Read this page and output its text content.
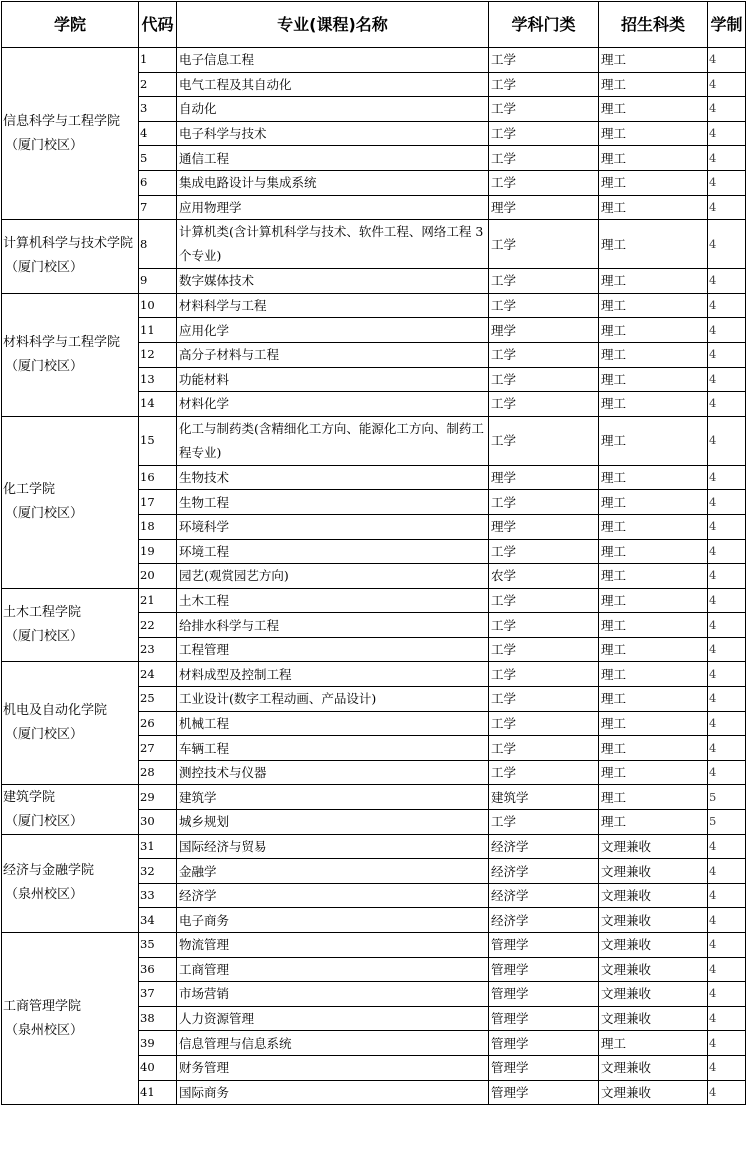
学院	代码	专业(课程)名称	学科门类	招生科类	学制

信息科学与工程学院
（厦门校区）	1	电子信息工程	工学	理工	4
	2	电气工程及其自动化	工学	理工	4
	3	自动化	工学	理工	4
	4	电子科学与技术	工学	理工	4
	5	通信工程	工学	理工	4
	6	集成电路设计与集成系统	工学	理工	4
	7	应用物理学	理学	理工	4

计算机科学与技术学院
（厦门校区）	8	计算机类(含计算机科学与技术、软件工程、网络工程 3 个专业)	工学	理工	4
	9	数字媒体技术	工学	理工	4

材料科学与工程学院
（厦门校区）	10	材料科学与工程	工学	理工	4
	11	应用化学	理学	理工	4
	12	高分子材料与工程	工学	理工	4
	13	功能材料	工学	理工	4
	14	材料化学	工学	理工	4

化工学院
（厦门校区）	15	化工与制药类(含精细化工方向、能源化工方向、制药工程专业)	工学	理工	4
	16	生物技术	理学	理工	4
	17	生物工程	工学	理工	4
	18	环境科学	理学	理工	4
	19	环境工程	工学	理工	4
	20	园艺(观赏园艺方向)	农学	理工	4

土木工程学院
（厦门校区）	21	土木工程	工学	理工	4
	22	给排水科学与工程	工学	理工	4
	23	工程管理	工学	理工	4

机电及自动化学院
（厦门校区）	24	材料成型及控制工程	工学	理工	4
	25	工业设计(数字工程动画、产品设计)	工学	理工	4
	26	机械工程	工学	理工	4
	27	车辆工程	工学	理工	4
	28	测控技术与仪器	工学	理工	4

建筑学院
（厦门校区）	29	建筑学	建筑学	理工	5
	30	城乡规划	工学	理工	5

经济与金融学院
（泉州校区）	31	国际经济与贸易	经济学	文理兼收	4
	32	金融学	经济学	文理兼收	4
	33	经济学	经济学	文理兼收	4
	34	电子商务	经济学	文理兼收	4

工商管理学院
（泉州校区）	35	物流管理	管理学	文理兼收	4
	36	工商管理	管理学	文理兼收	4
	37	市场营销	管理学	文理兼收	4
	38	人力资源管理	管理学	文理兼收	4
	39	信息管理与信息系统	管理学	理工	4
	40	财务管理	管理学	文理兼收	4
	41	国际商务	管理学	文理兼收	4
